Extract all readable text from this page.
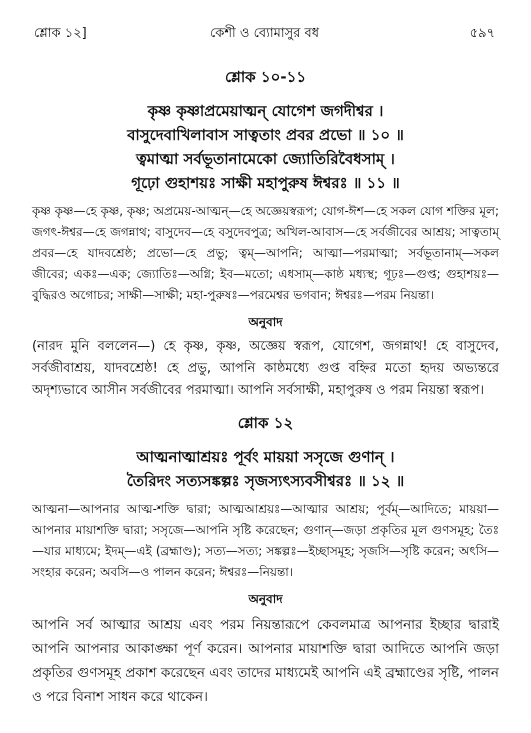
শ্লোক ১২]	কেশী ও ব্যোমাসুর বধ	৫৯৭
শ্লোক ১০-১১
কৃষ্ণ কৃষ্ণাপ্রমেয়াত্মন্ যোগেশ জগদীশ্বর ।
বাসুদেবাখিলাবাস সাত্বতাং প্রবর প্রভো ॥ ১০ ॥
ত্বমাত্মা সর্বভূতানামেকো জ্যোতিরিবৈধসাম্ ।
গূঢ়ো গুহাশয়ঃ সাক্ষী মহাপুরুষ ঈশ্বরঃ ॥ ১১ ॥
কৃষ্ণ কৃষ্ণ—হে কৃষ্ণ, কৃষ্ণ; অপ্রমেয়-আত্মন্—হে অজ্ঞেয়স্বরূপ; যোগ-ঈশ—হে সকল যোগ শক্তির মূল; জগৎ-ঈশ্বর—হে জগন্নাথ; বাসুদেব—হে বসুদেবপুত্র; অখিল-আবাস—হে সর্বজীবের আশ্রয়; সাত্বতাম্ প্রবর—হে যাদবশ্রেষ্ঠ; প্রভো—হে প্রভু; ত্বম্—আপনি; আত্মা—পরমাত্মা; সর্বভূতানাম্—সকল জীবের; একঃ—এক; জ্যোতিঃ—অগ্নি; ইব—মতো; এধসাম্—কাষ্ঠ মধ্যস্থ; গূঢ়ঃ—গুপ্ত; গুহাশয়ঃ—বুদ্ধিরও অগোচর; সাক্ষী—সাক্ষী; মহা-পুরুষঃ—পরমেশ্বর ভগবান; ঈশ্বরঃ—পরম নিয়ন্তা।
অনুবাদ
(নারদ মুনি বললেন—) হে কৃষ্ণ, কৃষ্ণ, অজ্ঞেয় স্বরূপ, যোগেশ, জগন্নাথ! হে বাসুদেব, সর্বজীবাশ্রয়, যাদবশ্রেষ্ঠ! হে প্রভু, আপনি কাষ্ঠমধ্যে গুপ্ত বহ্নির মতো হৃদয় অভ্যন্তরে অদৃশ্যভাবে আসীন সর্বজীবের পরমাত্মা। আপনি সর্বসাক্ষী, মহাপুরুষ ও পরম নিয়ন্তা স্বরূপ।
শ্লোক ১২
আত্মনাত্মাশ্রয়ঃ পূর্বং মায়য়া সসৃজে গুণান্ ।
তৈরিদং সত্যসঙ্কল্পঃ সৃজস্যৎস্যবসীশ্বরঃ ॥ ১২ ॥
আত্মনা—আপনার আত্ম-শক্তি দ্বারা; আত্মআশ্রয়ঃ—আত্মার আশ্রয়; পূর্বম্—আদিতে; মায়য়া—আপনার মায়াশক্তি দ্বারা; সসৃজে—আপনি সৃষ্টি করেছেন; গুণান্—জড়া প্রকৃতির মূল গুণসমূহ; তৈঃ—যার মাধ্যমে; ইদম্—এই (ব্রহ্মাণ্ড); সত্য—সত্য; সঙ্কল্পঃ—ইচ্ছাসমূহ; সৃজসি—সৃষ্টি করেন; অৎসি—সংহার করেন; অবসি—ও পালন করেন; ঈশ্বরঃ—নিয়ন্তা।
অনুবাদ
আপনি সর্ব আত্মার আশ্রয় এবং পরম নিয়ন্তারূপে কেবলমাত্র আপনার ইচ্ছার দ্বারাই আপনি আপনার আকাঙ্ক্ষা পূর্ণ করেন। আপনার মায়াশক্তি দ্বারা আদিতে আপনি জড়া প্রকৃতির গুণসমূহ প্রকাশ করেছেন এবং তাদের মাধ্যমেই আপনি এই ব্রহ্মাণ্ডের সৃষ্টি, পালন ও পরে বিনাশ সাধন করে থাকেন।
